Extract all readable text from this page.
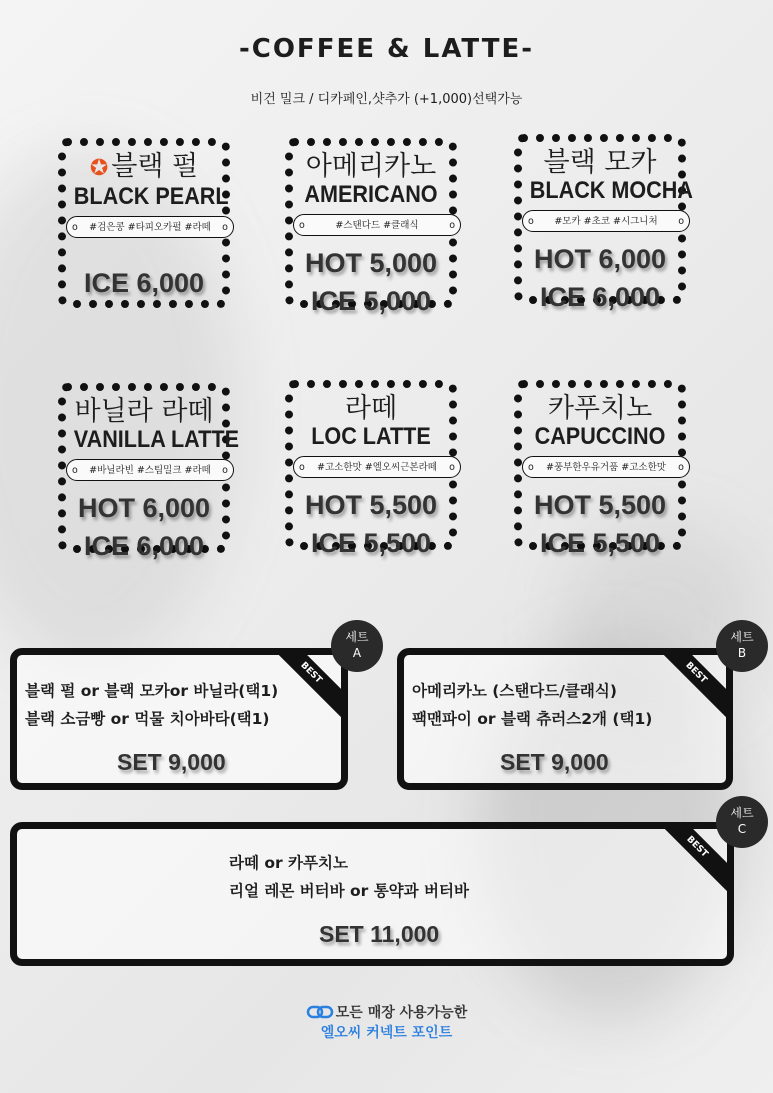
-COFFEE & LATTE-
비건 밀크 / 디카페인,샷추가 (+1,000)선택가능
✪ 블랙 펄
BLACK PEARL
o #검은콩 #타피오카펄 #라떼 o
ICE 6,000
아메리카노
AMERICANO
o	#스탠다드 #클래식	o
HOT 5,000
ICE 5,000
블랙 모카
BLACK MOCHA
o #모카 #초코 #시그니처 o
HOT 6,000
ICE 6,000
바닐라 라떼
VANILLA LATTE
o #바닐라빈 #스팀밀크 #라떼 o
HOT 6,000
ICE 6,000
라떼
LOC LATTE
o #고소한맛 #엘오씨근본라떼 o
HOT 5,500
ICE 5,500
카푸치노
CAPUCCINO
o #풍부한우유거품 #고소한맛 o
HOT 5,500
ICE 5,500
블랙 펄 or 블랙 모카or 바닐라(택1)
블랙 소금빵 or 먹물 치아바타(택1)
SET 9,000
BEST
세트
A
아메리카노 (스탠다드/클래식)
팩맨파이 or 블랙 츄러스2개 (택1)
SET 9,000
BEST
세트
B
라떼 or 카푸치노
리얼 레몬 버터바 or 통약과 버터바
SET 11,000
BEST
세트
C
모든 매장 사용가능한
엘오씨 커넥트 포인트
